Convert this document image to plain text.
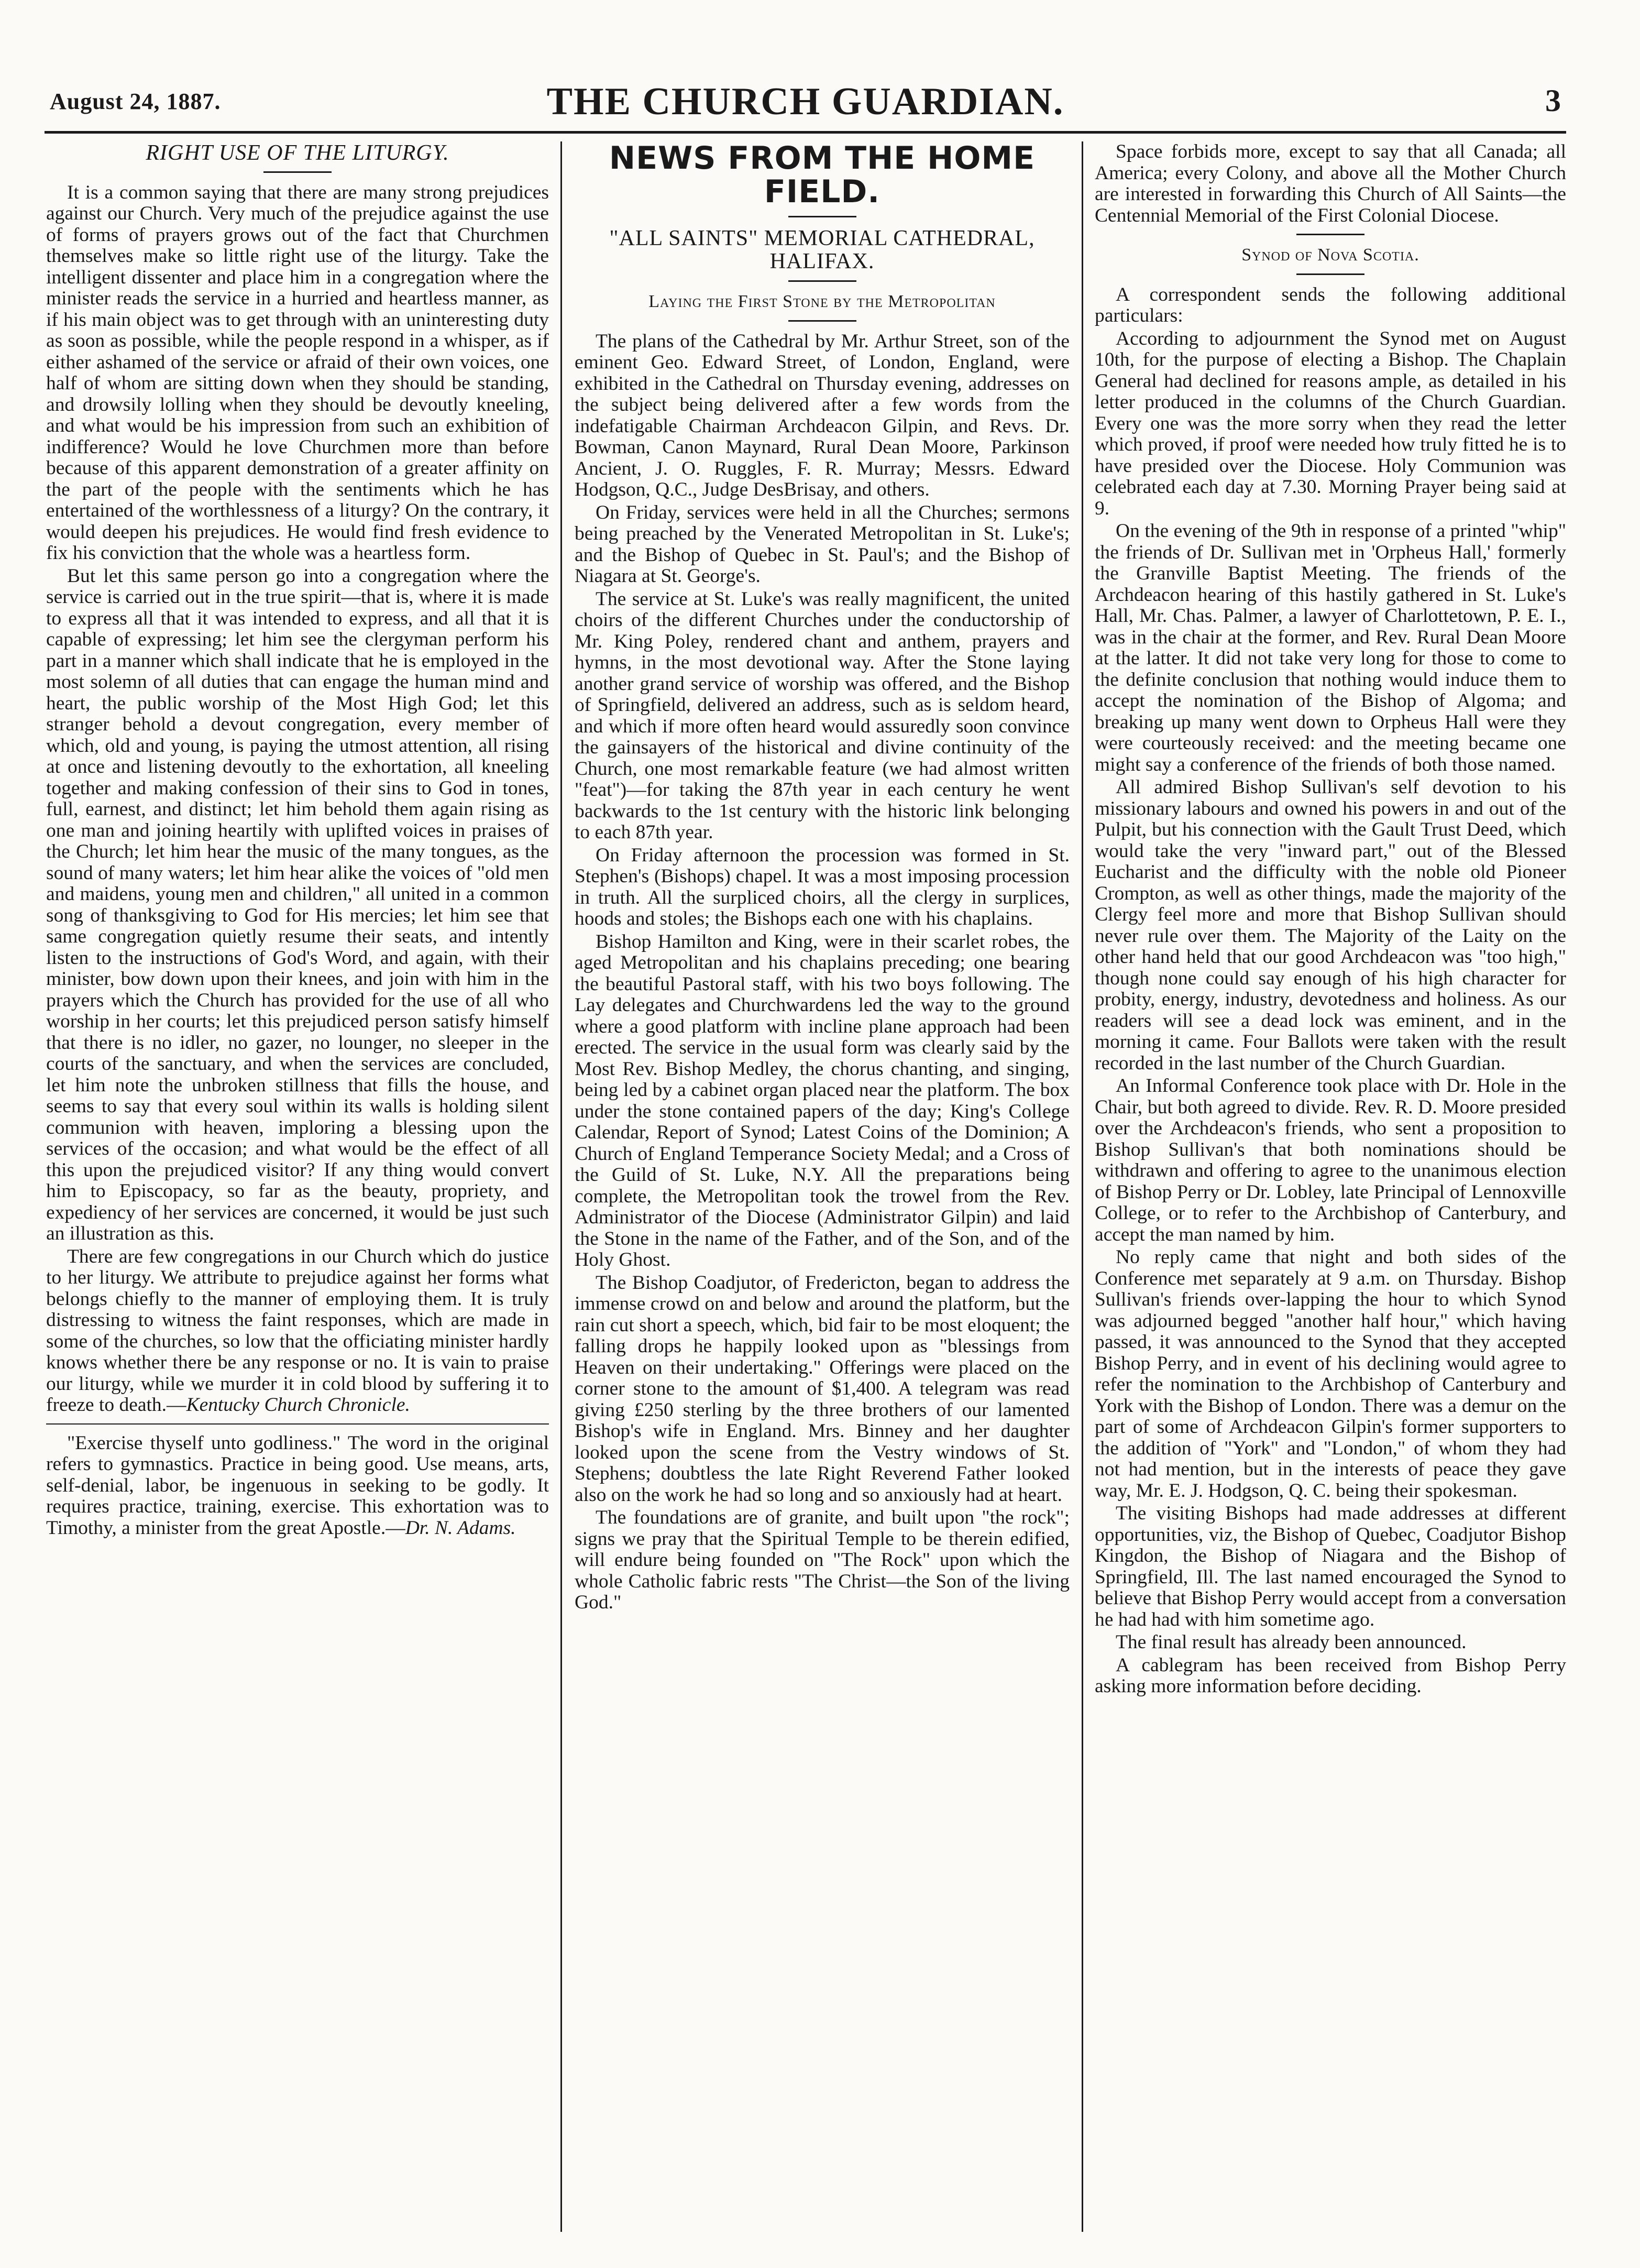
August 24, 1887.	THE CHURCH GUARDIAN.	3
RIGHT USE OF THE LITURGY.

It is a common saying that there are many strong prejudices against our Church. Very much of the prejudice against the use of forms of prayers grows out of the fact that Churchmen themselves make so little right use of the liturgy. Take the intelligent dissenter and place him in a congregation where the minister reads the service in a hurried and heartless manner, as if his main object was to get through with an uninteresting duty as soon as possible, while the people respond in a whisper, as if either ashamed of the service or afraid of their own voices, one half of whom are sitting down when they should be standing, and drowsily lolling when they should be devoutly kneeling, and what would be his impression from such an exhibition of indifference? Would he love Churchmen more than before because of this apparent demonstration of a greater affinity on the part of the people with the sentiments which he has entertained of the worthlessness of a liturgy? On the contrary, it would deepen his prejudices. He would find fresh evidence to fix his conviction that the whole was a heartless form.

But let this same person go into a congregation where the service is carried out in the true spirit—that is, where it is made to express all that it was intended to express, and all that it is capable of expressing; let him see the clergyman perform his part in a manner which shall indicate that he is employed in the most solemn of all duties that can engage the human mind and heart, the public worship of the Most High God; let this stranger behold a devout congregation, every member of which, old and young, is paying the utmost attention, all rising at once and listening devoutly to the exhortation, all kneeling together and making confession of their sins to God in tones, full, earnest, and distinct; let him behold them again rising as one man and joining heartily with uplifted voices in praises of the Church; let him hear the music of the many tongues, as the sound of many waters; let him hear alike the voices of "old men and maidens, young men and children," all united in a common song of thanksgiving to God for His mercies; let him see that same congregation quietly resume their seats, and intently listen to the instructions of God's Word, and again, with their minister, bow down upon their knees, and join with him in the prayers which the Church has provided for the use of all who worship in her courts; let this prejudiced person satisfy himself that there is no idler, no gazer, no lounger, no sleeper in the courts of the sanctuary, and when the services are concluded, let him note the unbroken stillness that fills the house, and seems to say that every soul within its walls is holding silent communion with heaven, imploring a blessing upon the services of the occasion; and what would be the effect of all this upon the prejudiced visitor? If any thing would convert him to Episcopacy, so far as the beauty, propriety, and expediency of her services are concerned, it would be just such an illustration as this.

There are few congregations in our Church which do justice to her liturgy. We attribute to prejudice against her forms what belongs chiefly to the manner of employing them. It is truly distressing to witness the faint responses, which are made in some of the churches, so low that the officiating minister hardly knows whether there be any response or no. It is vain to praise our liturgy, while we murder it in cold blood by suffering it to freeze to death.—Kentucky Church Chronicle.

"Exercise thyself unto godliness." The word in the original refers to gymnastics. Practice in being good. Use means, arts, self-denial, labor, be ingenuous in seeking to be godly. It requires practice, training, exercise. This exhortation was to Timothy, a minister from the great Apostle.—Dr. N. Adams.

NEWS FROM THE HOME FIELD.
"ALL SAINTS" MEMORIAL CATHEDRAL, HALIFAX.
Laying the First Stone by the Metropolitan

The plans of the Cathedral by Mr. Arthur Street, son of the eminent Geo. Edward Street, of London, England, were exhibited in the Cathedral on Thursday evening, addresses on the subject being delivered after a few words from the indefatigable Chairman Archdeacon Gilpin, and Revs. Dr. Bowman, Canon Maynard, Rural Dean Moore, Parkinson Ancient, J. O. Ruggles, F. R. Murray; Messrs. Edward Hodgson, Q.C., Judge DesBrisay, and others.

On Friday, services were held in all the Churches; sermons being preached by the Venerated Metropolitan in St. Luke's; and the Bishop of Quebec in St. Paul's; and the Bishop of Niagara at St. George's.

The service at St. Luke's was really magnificent, the united choirs of the different Churches under the conductorship of Mr. King Poley, rendered chant and anthem, prayers and hymns, in the most devotional way. After the Stone laying another grand service of worship was offered, and the Bishop of Springfield, delivered an address, such as is seldom heard, and which if more often heard would assuredly soon convince the gainsayers of the historical and divine continuity of the Church, one most remarkable feature (we had almost written "feat")—for taking the 87th year in each century he went backwards to the 1st century with the historic link belonging to each 87th year.

On Friday afternoon the procession was formed in St. Stephen's (Bishops) chapel. It was a most imposing procession in truth. All the surpliced choirs, all the clergy in surplices, hoods and stoles; the Bishops each one with his chaplains.

Bishop Hamilton and King, were in their scarlet robes, the aged Metropolitan and his chaplains preceding; one bearing the beautiful Pastoral staff, with his two boys following. The Lay delegates and Churchwardens led the way to the ground where a good platform with incline plane approach had been erected. The service in the usual form was clearly said by the Most Rev. Bishop Medley, the chorus chanting, and singing, being led by a cabinet organ placed near the platform. The box under the stone contained papers of the day; King's College Calendar, Report of Synod; Latest Coins of the Dominion; A Church of England Temperance Society Medal; and a Cross of the Guild of St. Luke, N.Y. All the preparations being complete, the Metropolitan took the trowel from the Rev. Administrator of the Diocese (Administrator Gilpin) and laid the Stone in the name of the Father, and of the Son, and of the Holy Ghost.

The Bishop Coadjutor, of Fredericton, began to address the immense crowd on and below and around the platform, but the rain cut short a speech, which, bid fair to be most eloquent; the falling drops he happily looked upon as "blessings from Heaven on their undertaking." Offerings were placed on the corner stone to the amount of $1,400. A telegram was read giving £250 sterling by the three brothers of our lamented Bishop's wife in England. Mrs. Binney and her daughter looked upon the scene from the Vestry windows of St. Stephens; doubtless the late Right Reverend Father looked also on the work he had so long and so anxiously had at heart.

The foundations are of granite, and built upon "the rock"; signs we pray that the Spiritual Temple to be therein edified, will endure being founded on "The Rock" upon which the whole Catholic fabric rests "The Christ—the Son of the living God."

Space forbids more, except to say that all Canada; all America; every Colony, and above all the Mother Church are interested in forwarding this Church of All Saints—the Centennial Memorial of the First Colonial Diocese.

Synod of Nova Scotia.

A correspondent sends the following additional particulars:

According to adjournment the Synod met on August 10th, for the purpose of electing a Bishop. The Chaplain General had declined for reasons ample, as detailed in his letter produced in the columns of the Church Guardian. Every one was the more sorry when they read the letter which proved, if proof were needed how truly fitted he is to have presided over the Diocese. Holy Communion was celebrated each day at 7.30. Morning Prayer being said at 9.

On the evening of the 9th in response of a printed "whip" the friends of Dr. Sullivan met in 'Orpheus Hall,' formerly the Granville Baptist Meeting. The friends of the Archdeacon hearing of this hastily gathered in St. Luke's Hall, Mr. Chas. Palmer, a lawyer of Charlottetown, P. E. I., was in the chair at the former, and Rev. Rural Dean Moore at the latter. It did not take very long for those to come to the definite conclusion that nothing would induce them to accept the nomination of the Bishop of Algoma; and breaking up many went down to Orpheus Hall were they were courteously received: and the meeting became one might say a conference of the friends of both those named.

All admired Bishop Sullivan's self devotion to his missionary labours and owned his powers in and out of the Pulpit, but his connection with the Gault Trust Deed, which would take the very "inward part," out of the Blessed Eucharist and the difficulty with the noble old Pioneer Crompton, as well as other things, made the majority of the Clergy feel more and more that Bishop Sullivan should never rule over them. The Majority of the Laity on the other hand held that our good Archdeacon was "too high," though none could say enough of his high character for probity, energy, industry, devotedness and holiness. As our readers will see a dead lock was eminent, and in the morning it came. Four Ballots were taken with the result recorded in the last number of the Church Guardian.

An Informal Conference took place with Dr. Hole in the Chair, but both agreed to divide. Rev. R. D. Moore presided over the Archdeacon's friends, who sent a proposition to Bishop Sullivan's that both nominations should be withdrawn and offering to agree to the unanimous election of Bishop Perry or Dr. Lobley, late Principal of Lennoxville College, or to refer to the Archbishop of Canterbury, and accept the man named by him.

No reply came that night and both sides of the Conference met separately at 9 a.m. on Thursday. Bishop Sullivan's friends over-lapping the hour to which Synod was adjourned begged "another half hour," which having passed, it was announced to the Synod that they accepted Bishop Perry, and in event of his declining would agree to refer the nomination to the Archbishop of Canterbury and York with the Bishop of London. There was a demur on the part of some of Archdeacon Gilpin's former supporters to the addition of "York" and "London," of whom they had not had mention, but in the interests of peace they gave way, Mr. E. J. Hodgson, Q. C. being their spokesman.

The visiting Bishops had made addresses at different opportunities, viz, the Bishop of Quebec, Coadjutor Bishop Kingdon, the Bishop of Niagara and the Bishop of Springfield, Ill. The last named encouraged the Synod to believe that Bishop Perry would accept from a conversation he had had with him sometime ago.

The final result has already been announced.

A cablegram has been received from Bishop Perry asking more information before deciding.
